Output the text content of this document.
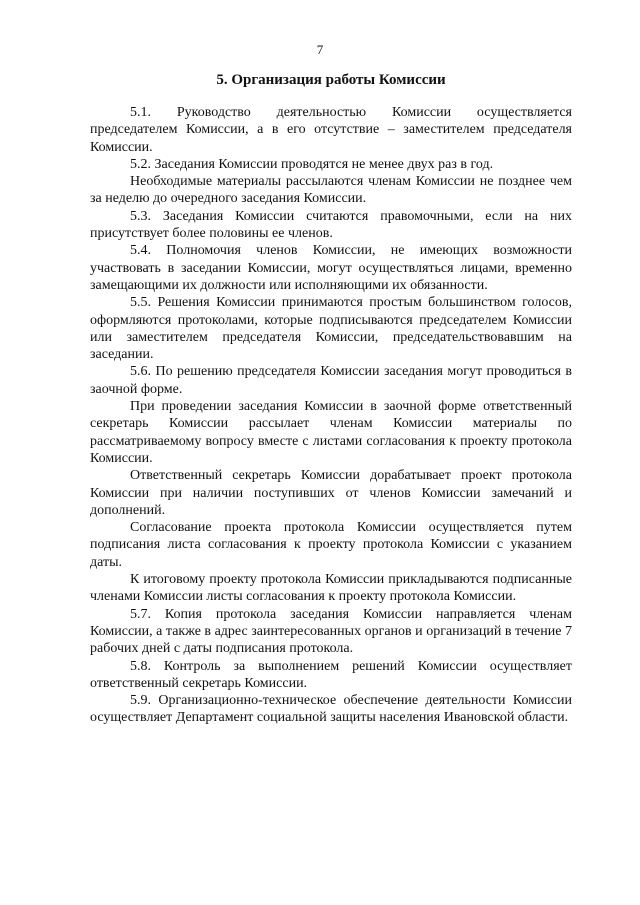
7
5. Организация работы Комиссии

5.1. Руководство деятельностью Комиссии осуществляется председателем Комиссии, а в его отсутствие – заместителем председателя Комиссии.

5.2. Заседания Комиссии проводятся не менее двух раз в год.

Необходимые материалы рассылаются членам Комиссии не позднее чем за неделю до очередного заседания Комиссии.

5.3. Заседания Комиссии считаются правомочными, если на них присутствует более половины ее членов.

5.4. Полномочия членов Комиссии, не имеющих возможности участвовать в заседании Комиссии, могут осуществляться лицами, временно замещающими их должности или исполняющими их обязанности.

5.5. Решения Комиссии принимаются простым большинством голосов, оформляются протоколами, которые подписываются председателем Комиссии или заместителем председателя Комиссии, председательствовавшим на заседании.

5.6. По решению председателя Комиссии заседания могут проводиться в заочной форме.

При проведении заседания Комиссии в заочной форме ответственный секретарь Комиссии рассылает членам Комиссии материалы по рассматриваемому вопросу вместе с листами согласования к проекту протокола Комиссии.

Ответственный секретарь Комиссии дорабатывает проект протокола Комиссии при наличии поступивших от членов Комиссии замечаний и дополнений.

Согласование проекта протокола Комиссии осуществляется путем подписания листа согласования к проекту протокола Комиссии с указанием даты.

К итоговому проекту протокола Комиссии прикладываются подписанные членами Комиссии листы согласования к проекту протокола Комиссии.

5.7. Копия протокола заседания Комиссии направляется членам Комиссии, а также в адрес заинтересованных органов и организаций в течение 7 рабочих дней с даты подписания протокола.

5.8. Контроль за выполнением решений Комиссии осуществляет ответственный секретарь Комиссии.

5.9. Организационно-техническое обеспечение деятельности Комиссии осуществляет Департамент социальной защиты населения Ивановской области.
